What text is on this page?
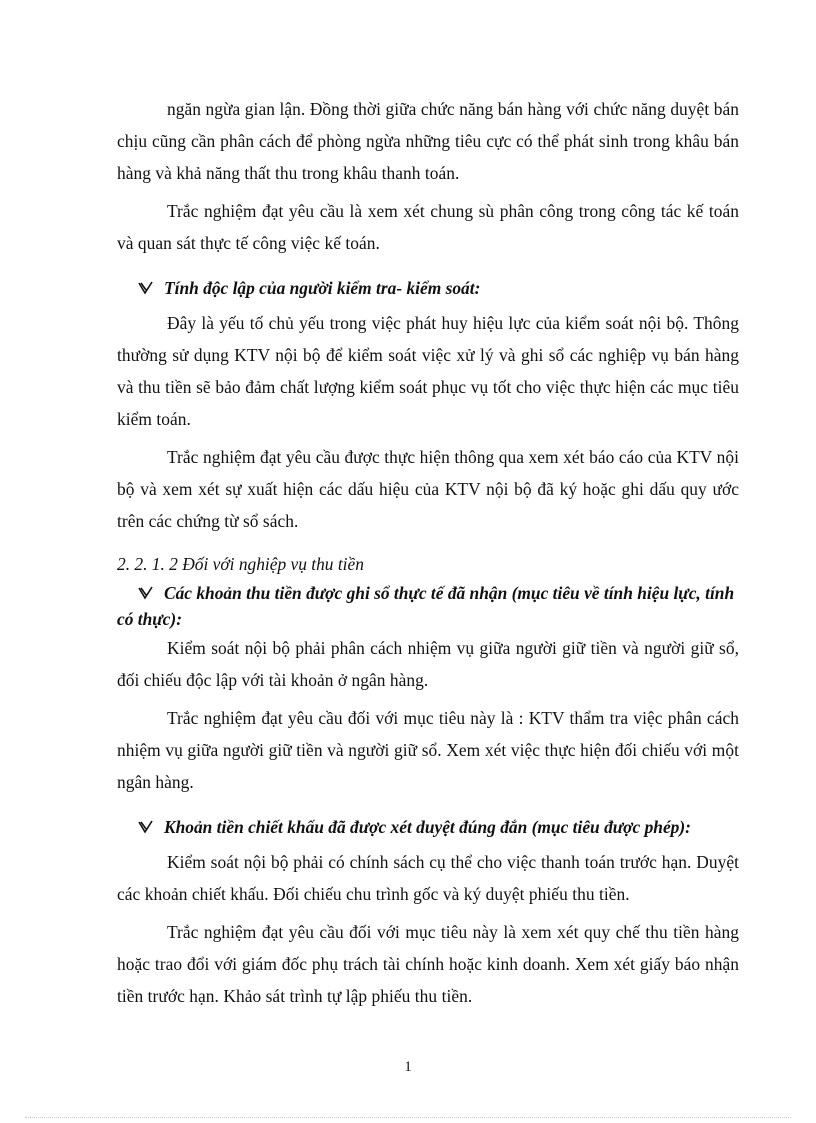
ngăn ngừa gian lận. Đồng thời giữa chức năng bán hàng với chức năng duyệt bán chịu cũng cần phân cách để phòng ngừa những tiêu cực có thể phát sinh trong khâu bán hàng và khả năng thất thu trong khâu thanh toán.

Trắc nghiệm đạt yêu cầu là xem xét chung sù phân công trong công tác kế toán và quan sát thực tế công việc kế toán.

Tính độc lập của người kiểm tra- kiểm soát:

Đây là yếu tố chủ yếu trong việc phát huy hiệu lực của kiểm soát nội bộ. Thông thường sử dụng KTV nội bộ để kiểm soát việc xử lý và ghi sổ các nghiệp vụ bán hàng và thu tiền sẽ bảo đảm chất lượng kiểm soát phục vụ tốt cho việc thực hiện các mục tiêu kiểm toán.

Trắc nghiệm đạt yêu cầu được thực hiện thông qua xem xét báo cáo của KTV nội bộ và xem xét sự xuất hiện các dấu hiệu của KTV nội bộ đã ký hoặc ghi dấu quy ước trên các chứng từ sổ sách.

2. 2. 1. 2 Đối với nghiệp vụ thu tiền

Các khoản thu tiền được ghi sổ thực tế đã nhận (mục tiêu về tính hiệu lực, tính có thực):

Kiểm soát nội bộ phải phân cách nhiệm vụ giữa người giữ tiền và người giữ sổ, đối chiếu độc lập với tài khoản ở ngân hàng.

Trắc nghiệm đạt yêu cầu đối với mục tiêu này là : KTV thẩm tra việc phân cách nhiệm vụ giữa người giữ tiền và người giữ sổ. Xem xét việc thực hiện đối chiếu với một ngân hàng.

Khoản tiền chiết khấu đã được xét duyệt đúng đắn (mục tiêu được phép):

Kiểm soát nội bộ phải có chính sách cụ thể cho việc thanh toán trước hạn. Duyệt các khoản chiết khấu. Đối chiếu chu trình gốc và ký duyệt phiếu thu tiền.

Trắc nghiệm đạt yêu cầu đối với mục tiêu này là xem xét quy chế thu tiền hàng hoặc trao đổi với giám đốc phụ trách tài chính hoặc kinh doanh. Xem xét giấy báo nhận tiền trước hạn. Khảo sát trình tự lập phiếu thu tiền.

1
